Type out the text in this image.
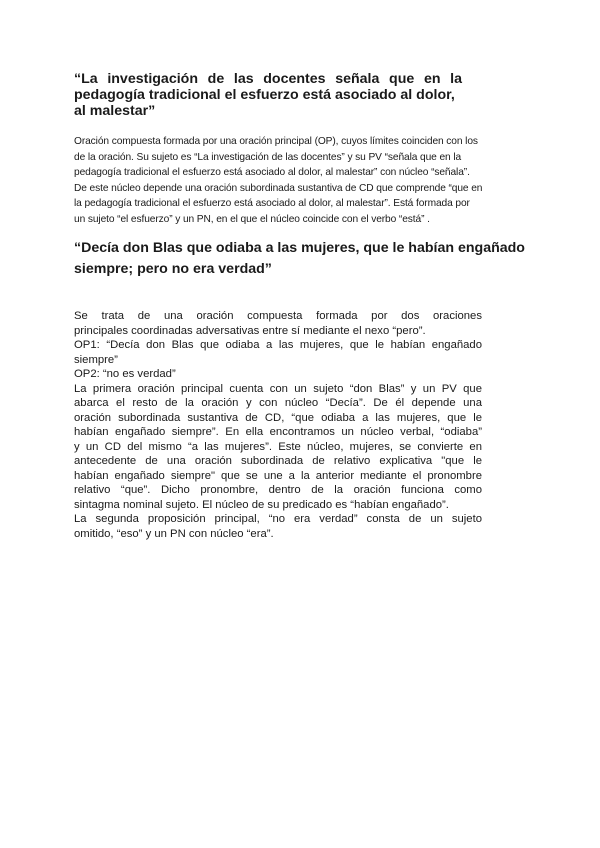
“La investigación de las docentes señala que en la
pedagogía tradicional el esfuerzo está asociado al dolor,
al malestar”
Oración compuesta formada por una oración principal (OP), cuyos límites coinciden con los
de la oración. Su sujeto es “La investigación de las docentes” y su PV “señala que en la
pedagogía tradicional el esfuerzo está asociado al dolor, al malestar” con núcleo “señala”.
De este núcleo depende una oración subordinada sustantiva de CD que comprende “que en
la pedagogía tradicional el esfuerzo está asociado al dolor, al malestar”. Está formada por
un sujeto “el esfuerzo” y un PN, en el que el núcleo coincide con el verbo “está” .
“Decía don Blas que odiaba a las mujeres, que le habían engañado
siempre; pero no era verdad”
Se trata de una oración compuesta formada por dos oraciones
principales coordinadas adversativas entre sí mediante el nexo “pero”.
OP1: “Decía don Blas que odiaba a las mujeres, que le habían engañado
siempre”
OP2: “no es verdad”
La primera oración principal cuenta con un sujeto “don Blas” y un PV que
abarca el resto de la oración y con núcleo “Decía”. De él depende una
oración subordinada sustantiva de CD, “que odiaba a las mujeres, que le
habían engañado siempre”. En ella encontramos un núcleo verbal, “odiaba”
y un CD del mismo “a las mujeres”. Este núcleo, mujeres, se convierte en
antecedente de una oración subordinada de relativo explicativa "que le
habían engañado siempre" que se une a la anterior mediante el pronombre
relativo “que”. Dicho pronombre, dentro de la oración funciona como
sintagma nominal sujeto. El núcleo de su predicado es “habían engañado”.
La segunda proposición principal, “no era verdad” consta de un sujeto
omitido, “eso” y un PN con núcleo “era”.
